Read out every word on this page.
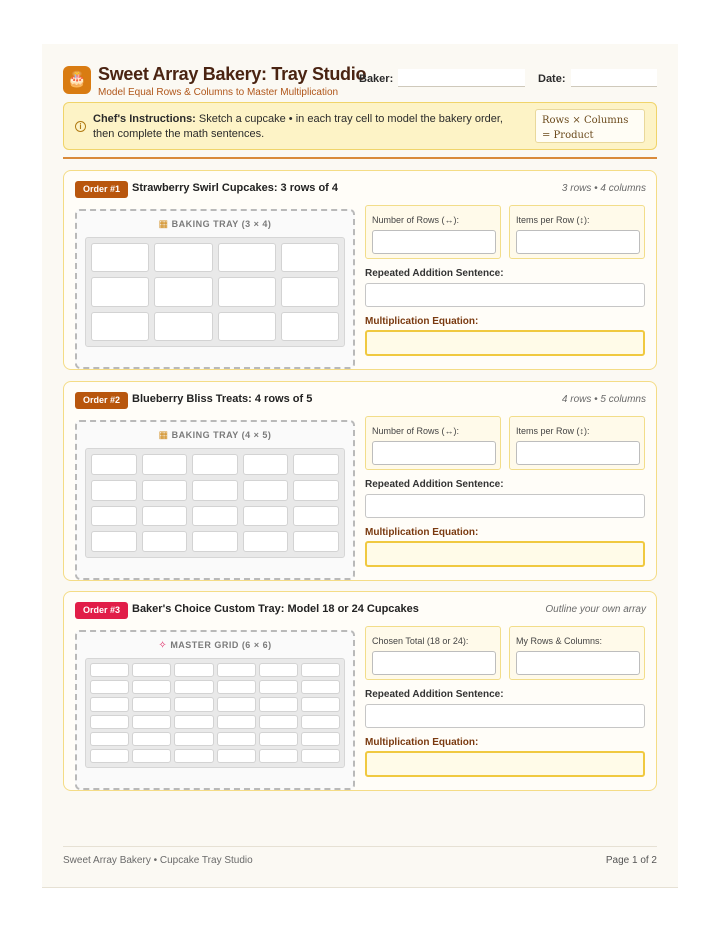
🎂 Sweet Array Bakery: Tray Studio
Model Equal Rows & Columns to Master Multiplication
Baker:	Date:
i
Chef's Instructions: Sketch a cupcake • in each tray cell to model the bakery order, then complete the math sentences.
Rows × Columns
= Product
Order #1	Strawberry Swirl Cupcakes: 3 rows of 4	3 rows • 4 columns
▦ BAKING TRAY (3 × 4)	Number of Rows (↔):	Items per Row (↕):
Repeated Addition Sentence:
Multiplication Equation:
Order #2	Blueberry Bliss Treats: 4 rows of 5	4 rows • 5 columns
▦ BAKING TRAY (4 × 5)	Number of Rows (↔):	Items per Row (↕):
Repeated Addition Sentence:
Multiplication Equation:
Order #3	Baker's Choice Custom Tray: Model 18 or 24 Cupcakes	Outline your own array
✧ MASTER GRID (6 × 6)	Chosen Total (18 or 24):	My Rows & Columns:
Repeated Addition Sentence:
Multiplication Equation:
Sweet Array Bakery • Cupcake Tray Studio	Page 1 of 2
